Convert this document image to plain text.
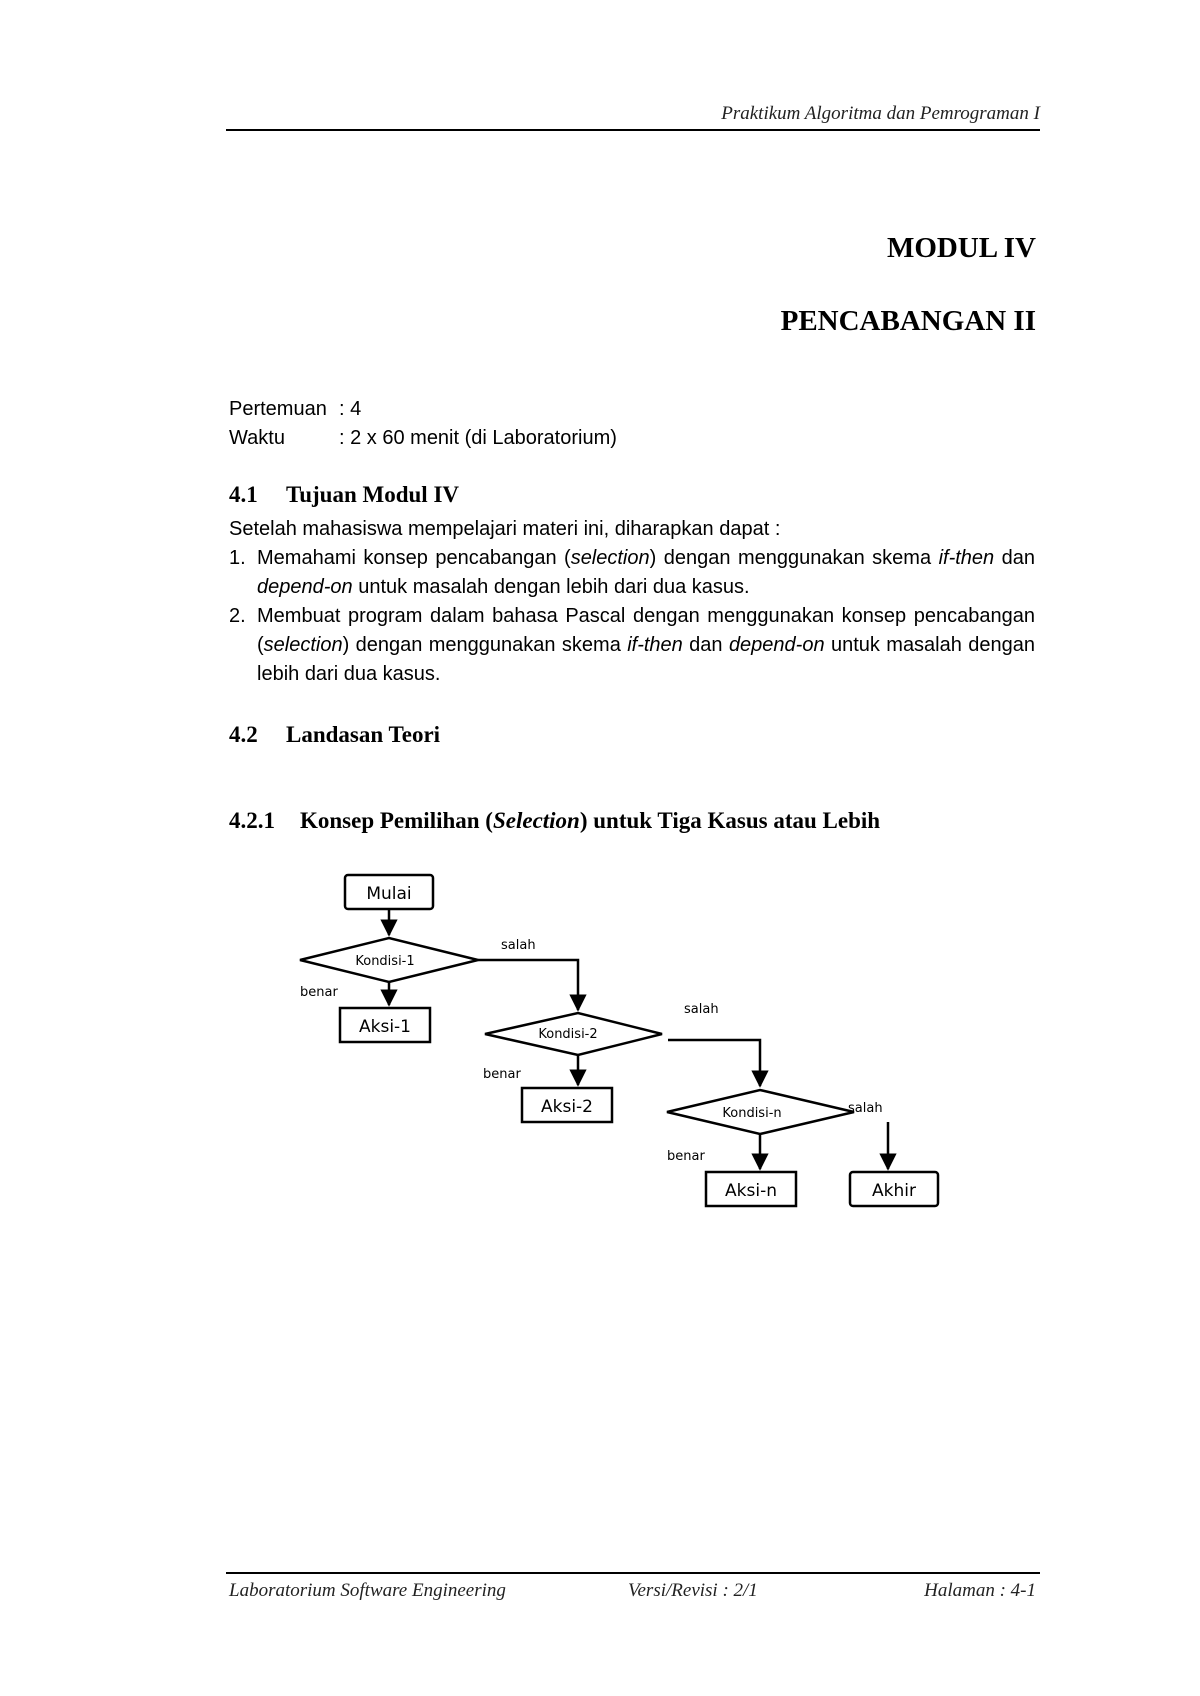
Praktikum Algoritma dan Pemrograman I
MODUL IV
PENCABANGAN II
Pertemuan : 4
Waktu	: 2 x 60 menit (di Laboratorium)
4.1 Tujuan Modul IV
Setelah mahasiswa mempelajari materi ini, diharapkan dapat :
1. Memahami konsep pencabangan (selection) dengan menggunakan skema if-then dan depend-on untuk masalah dengan lebih dari dua kasus.
2. Membuat program dalam bahasa Pascal dengan menggunakan konsep pencabangan (selection) dengan menggunakan skema if-then dan depend-on untuk masalah dengan lebih dari dua kasus.
4.2 Landasan Teori
4.2.1 Konsep Pemilihan (Selection) untuk Tiga Kasus atau Lebih
Mulai
Kondisi-1
Aksi-1	Kondisi-2
Aksi-2	Kondisi-n
Aksi-n	Akhir
benar
salah
benar
salah
benar
salah
Laboratorium Software Engineering	Versi/Revisi : 2/1	Halaman : 4-1
